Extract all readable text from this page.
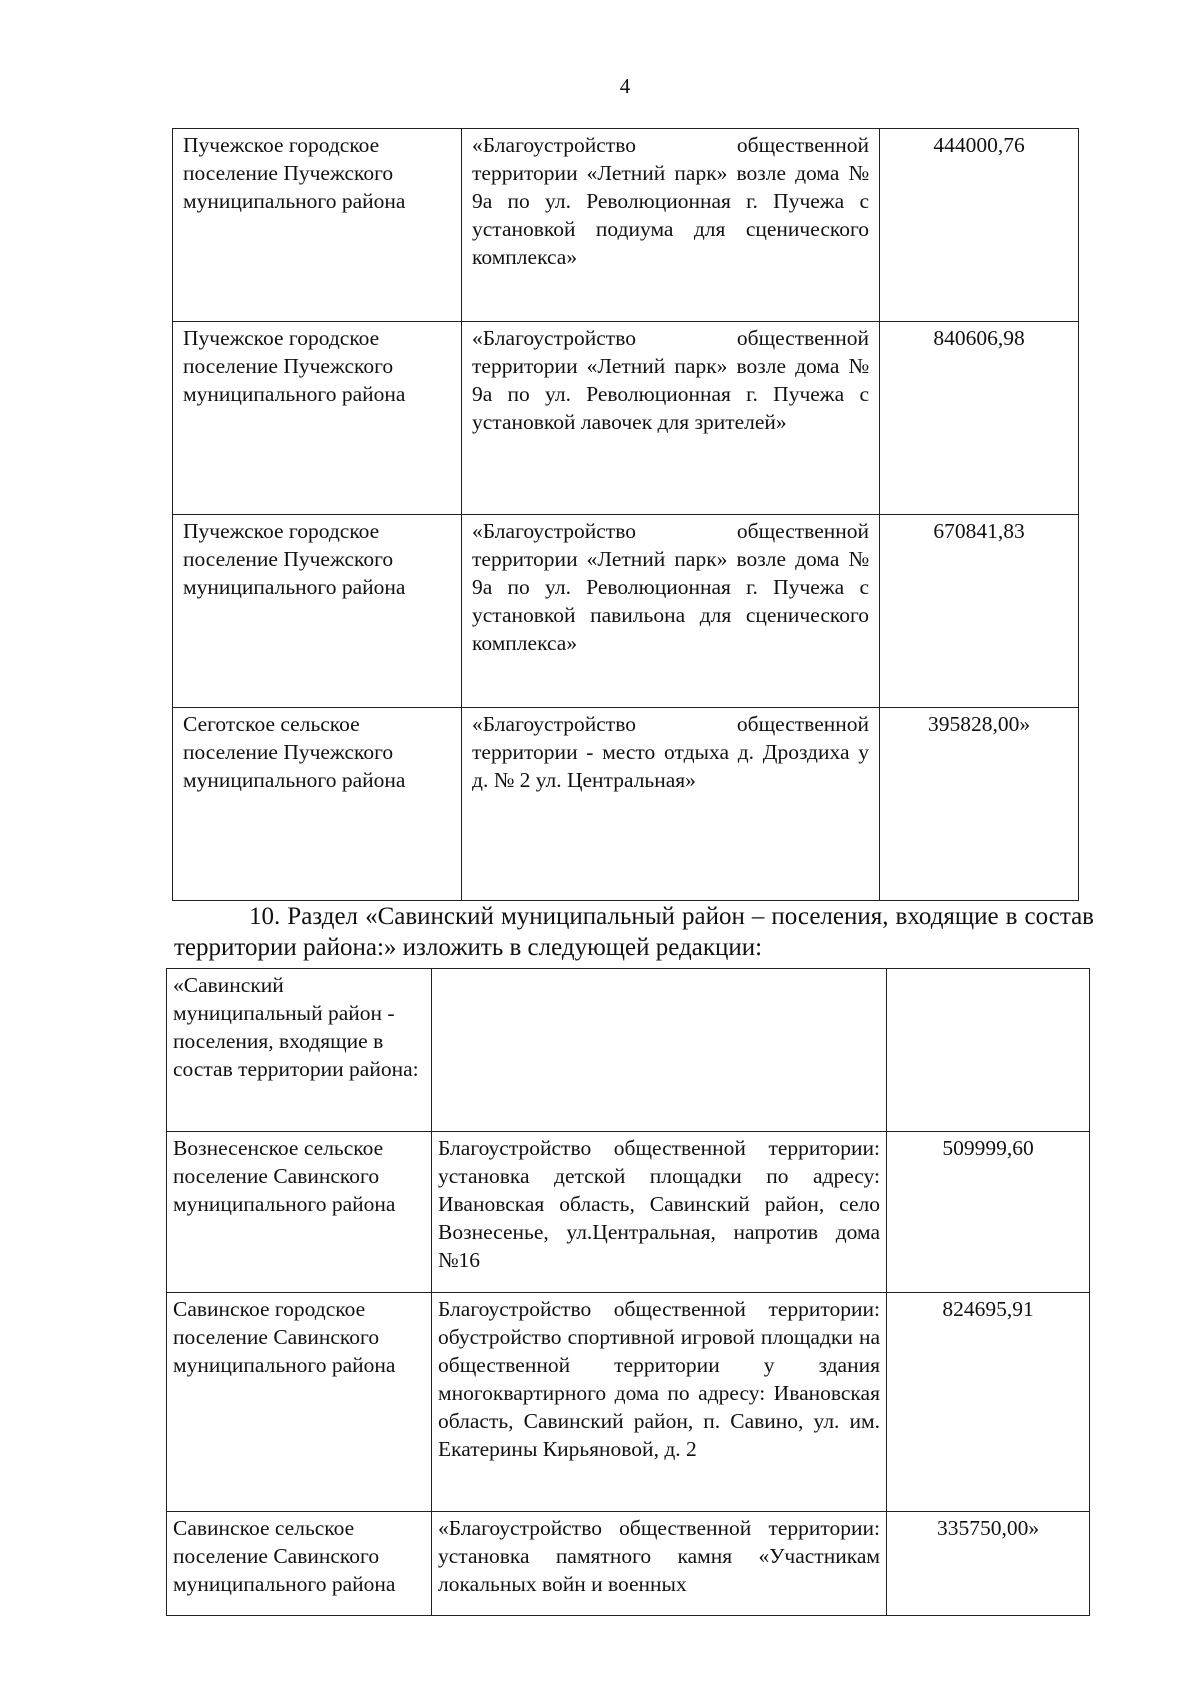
4
Пучежское городское поселение Пучежского муниципального района	«Благоустройство общественной территории «Летний парк» возле дома № 9а по ул. Революционная г. Пучежа с установкой подиума для сценического комплекса»	444000,76
Пучежское городское поселение Пучежского муниципального района	«Благоустройство общественной территории «Летний парк» возле дома № 9а по ул. Революционная г. Пучежа с установкой лавочек для зрителей»	840606,98
Пучежское городское поселение Пучежского муниципального района	«Благоустройство общественной территории «Летний парк» возле дома № 9а по ул. Революционная г. Пучежа с установкой павильона для сценического комплекса»	670841,83
Сеготское сельское поселение Пучежского муниципального района	«Благоустройство общественной территории - место отдыха д. Дроздиха у д. № 2 ул. Центральная»	395828,00»

10. Раздел «Савинский муниципальный район – поселения, входящие в состав территории района:» изложить в следующей редакции:

«Савинский муниципальный район - поселения, входящие в состав территории района:		
Вознесенское сельское поселение Савинского муниципального района	Благоустройство общественной территории: установка детской площадки по адресу: Ивановская область, Савинский район, село Вознесенье, ул.Центральная, напротив дома №16	509999,60
Савинское городское поселение Савинского муниципального района	Благоустройство общественной территории: обустройство спортивной игровой площадки на общественной территории у здания многоквартирного дома по адресу: Ивановская область, Савинский район, п. Савино, ул. им. Екатерины Кирьяновой, д. 2	824695,91
Савинское сельское поселение Савинского муниципального района	«Благоустройство общественной территории: установка памятного камня «Участникам локальных войн и военных	335750,00»
